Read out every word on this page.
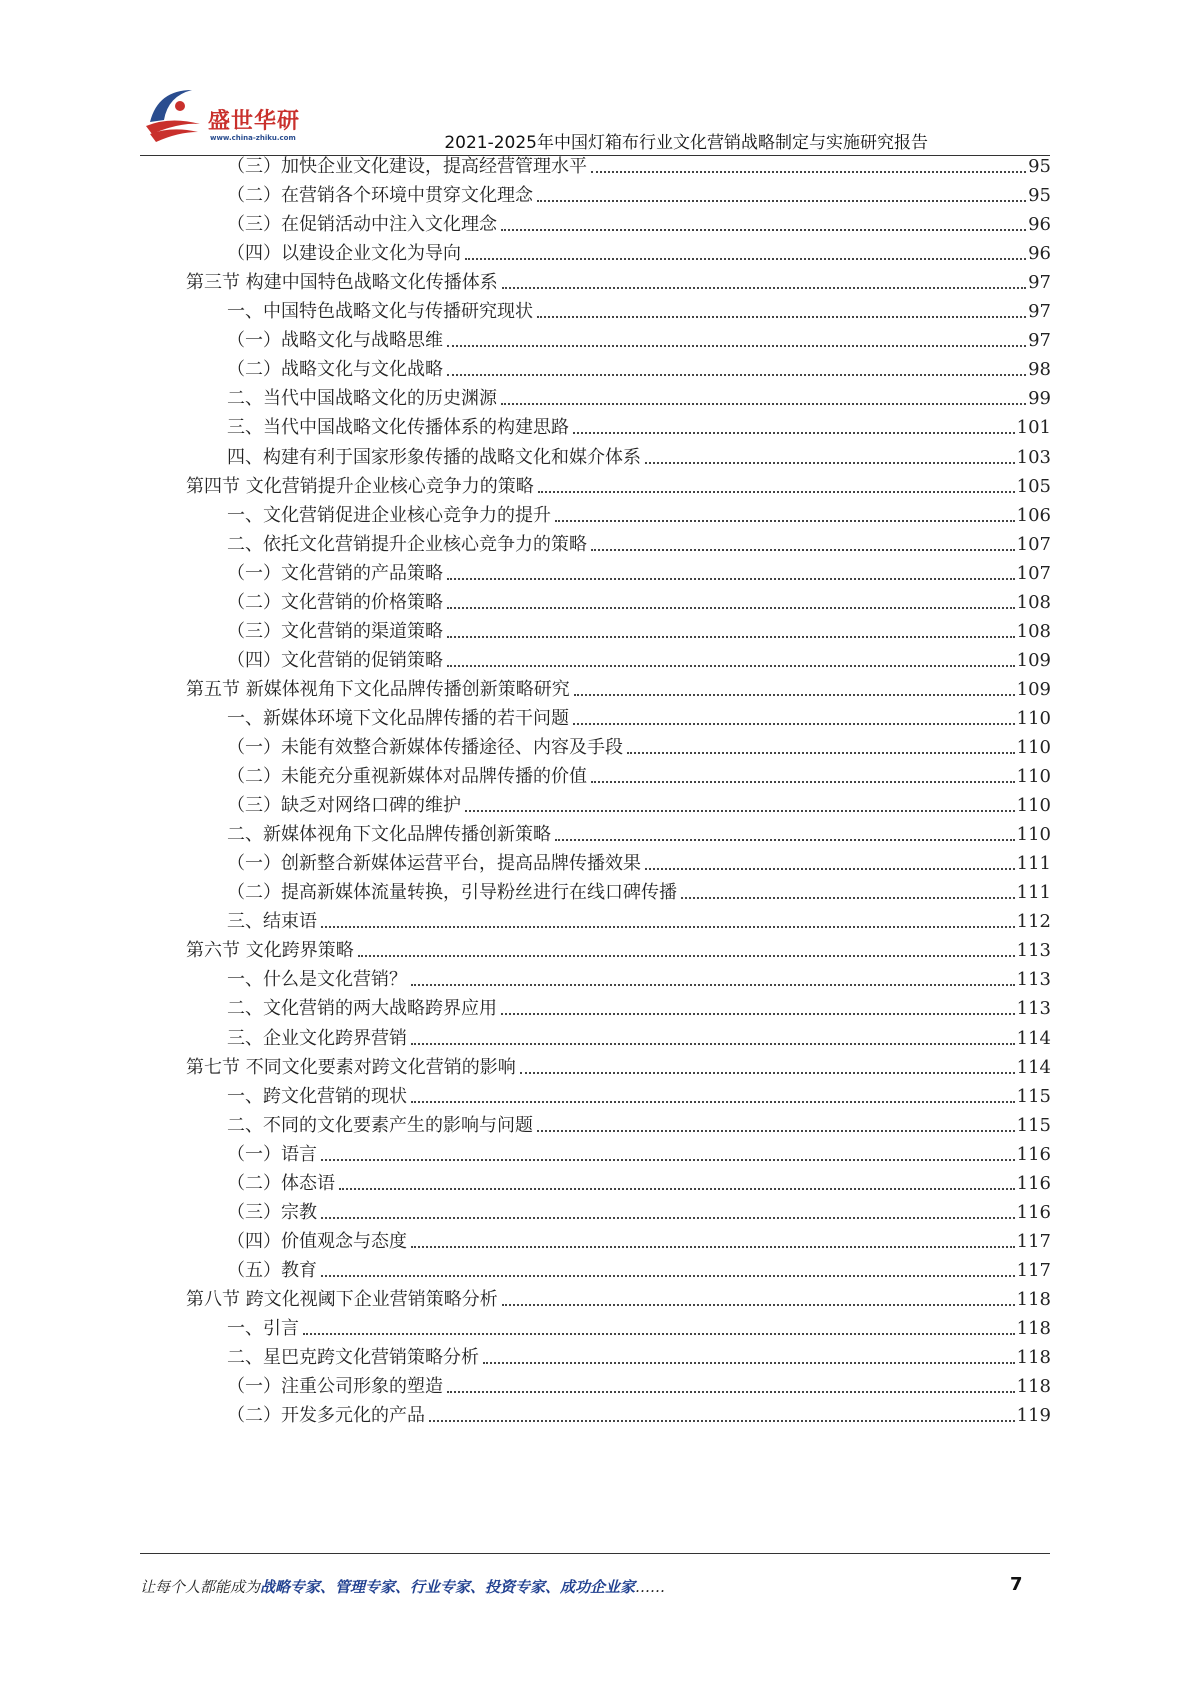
盛世华研
www.china-zhiku.com	2021-2025年中国灯箱布行业文化营销战略制定与实施研究报告
（三）加快企业文化建设，提高经营管理水平	95
（二）在营销各个环境中贯穿文化理念	95
（三）在促销活动中注入文化理念	96
（四）以建设企业文化为导向	96
第三节 构建中国特色战略文化传播体系	97
一、中国特色战略文化与传播研究现状	97
（一）战略文化与战略思维	97
（二）战略文化与文化战略	98
二、当代中国战略文化的历史渊源	99
三、当代中国战略文化传播体系的构建思路	101
四、构建有利于国家形象传播的战略文化和媒介体系	103
第四节 文化营销提升企业核心竞争力的策略	105
一、文化营销促进企业核心竞争力的提升	106
二、依托文化营销提升企业核心竞争力的策略	107
（一）文化营销的产品策略	107
（二）文化营销的价格策略	108
（三）文化营销的渠道策略	108
（四）文化营销的促销策略	109
第五节 新媒体视角下文化品牌传播创新策略研究	109
一、新媒体环境下文化品牌传播的若干问题	110
（一）未能有效整合新媒体传播途径、内容及手段	110
（二）未能充分重视新媒体对品牌传播的价值	110
（三）缺乏对网络口碑的维护	110
二、新媒体视角下文化品牌传播创新策略	110
（一）创新整合新媒体运营平台，提高品牌传播效果	111
（二）提高新媒体流量转换，引导粉丝进行在线口碑传播	111
三、结束语	112
第六节 文化跨界策略	113
一、什么是文化营销？	113
二、文化营销的两大战略跨界应用	113
三、企业文化跨界营销	114
第七节 不同文化要素对跨文化营销的影响	114
一、跨文化营销的现状	115
二、不同的文化要素产生的影响与问题	115
（一）语言	116
（二）体态语	116
（三）宗教	116
（四）价值观念与态度	117
（五）教育	117
第八节 跨文化视阈下企业营销策略分析	118
一、引言	118
二、星巴克跨文化营销策略分析	118
（一）注重公司形象的塑造	118
（二）开发多元化的产品	119
让每个人都能成为战略专家、管理专家、行业专家、投资专家、成功企业家……	7
